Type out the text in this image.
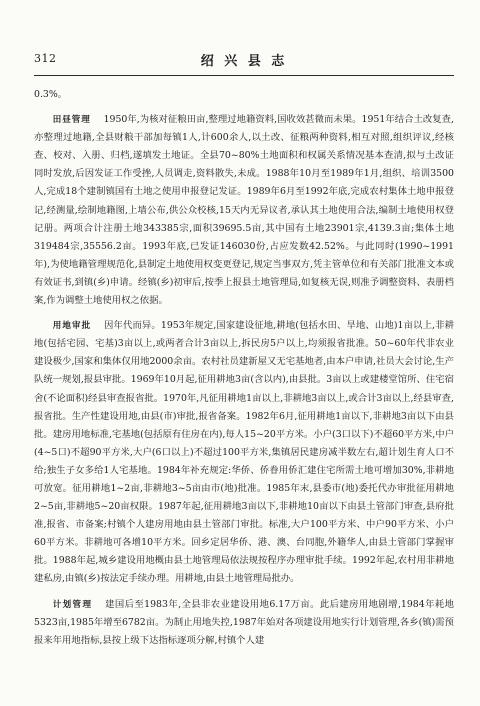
312	绍 兴 县 志

0.3%。

田昼管理 1950年,为核对征粮田亩,整理过地籍资料,国收效甚微而未果。1951年结合土改复查,亦整理过地籍,全县财粮干部加每镇1人,计600余人,以土改、征粮两种资料,相互对照,组织评议,经核查、校对、入册、归档,遂填发土地证。全县70~80%土地面积和权属关系情况基本查清,拟与土改证同时发放,后因发证工作受挫,人员调走,资料散失,未成。1988年10月至1989年1月,组织、培训3500人,完成18个建制镇国有土地之使用申报登记发证。1989年6月至1992年底,完成农村集体土地申报登记,经测量,绘制地籍图,上墙公布,供公众校核,15天内无异议者,承认其土地使用合法,编制土地使用权登记册。两项合计注册土地343385宗,面积39695.5亩,其中国有土地23901宗,4139.3亩;集体土地319484宗,35556.2亩。1993年底,已发证146030份,占应发数42.52%。与此同时(1990~1991年),为使地籍管理规范化,县制定土地使用权变更登记,规定当事双方,凭主管单位和有关部门批准文本或有效证书,到镇(乡)申请。经镇(乡)初审后,按季上报县土地管理局,如复核无误,则准予调整资料、表册档案,作为调整土地使用权之依据。

用地审批 因年代而异。1953年规定,国家建设征地,耕地(包括水田、旱地、山地)1亩以上,非耕地(包括宅园、宅基)3亩以上,或两者合计3亩以上,拆民房5户以上,均须报省批准。50~60年代非农业建设极少,国家和集体仅用地2000余亩。农村社员建新屋又无宅基地者,由本户申请,社员大会讨论,生产队统一规划,报县审批。1969年10月起,征用耕地3亩(含以内),由县批。3亩以上或建楼堂馆所、住宅宿舍(不论面积)经县审查报省批。1970年,凡征用耕地1亩以上,非耕地3亩以上,或合计3亩以上,经县审查,报省批。生产性建设用地,由县(市)审批,报省备案。1982年6月,征用耕地1亩以下,非耕地3亩以下由县批。建房用地标准,宅基地(包括原有住房在内),每人15~20平方米。小户(3口以下)不超60平方米,中户(4~5口)不超90平方米,大户(6口以上)不超过100平方米,集镇居民建房减半数左右,超计划生育人口不给;独生子女多给1人宅基地。1984年补充规定:华侨、侨眷用侨汇建住宅所需土地可增加30%,非耕地可放宽。征用耕地1~2亩,非耕地3~5亩由市(地)批准。1985年末,县委市(地)委托代办审批征用耕地2~5亩,非耕地5~20亩权限。1987年起,征用耕地3亩以下,非耕地10亩以下由县土管部门审查,县府批准,报省、市备案;村镇个人建房用地由县土管部门审批。标准,大户100平方米、中户90平方米、小户60平方米。非耕地可各增10平方米。回乡定居华侨、港、澳、台同胞,外籍华人,由县土管部门掌握审批。1988年起,城乡建设用地概由县土地管理局依法规按程序办理审批手续。1992年起,农村用非耕地建私房,由镇(乡)按法定手续办理。用耕地,由县土地管理局批办。

计划管理 建国后至1983年,全县非农业建设用地6.17万亩。此后建房用地剧增,1984年耗地5323亩,1985年增至6782亩。为制止用地失控,1987年始对各项建设用地实行计划管理,各乡(镇)需预报来年用地指标,县按上级下达指标逐项分解,村镇个人建
